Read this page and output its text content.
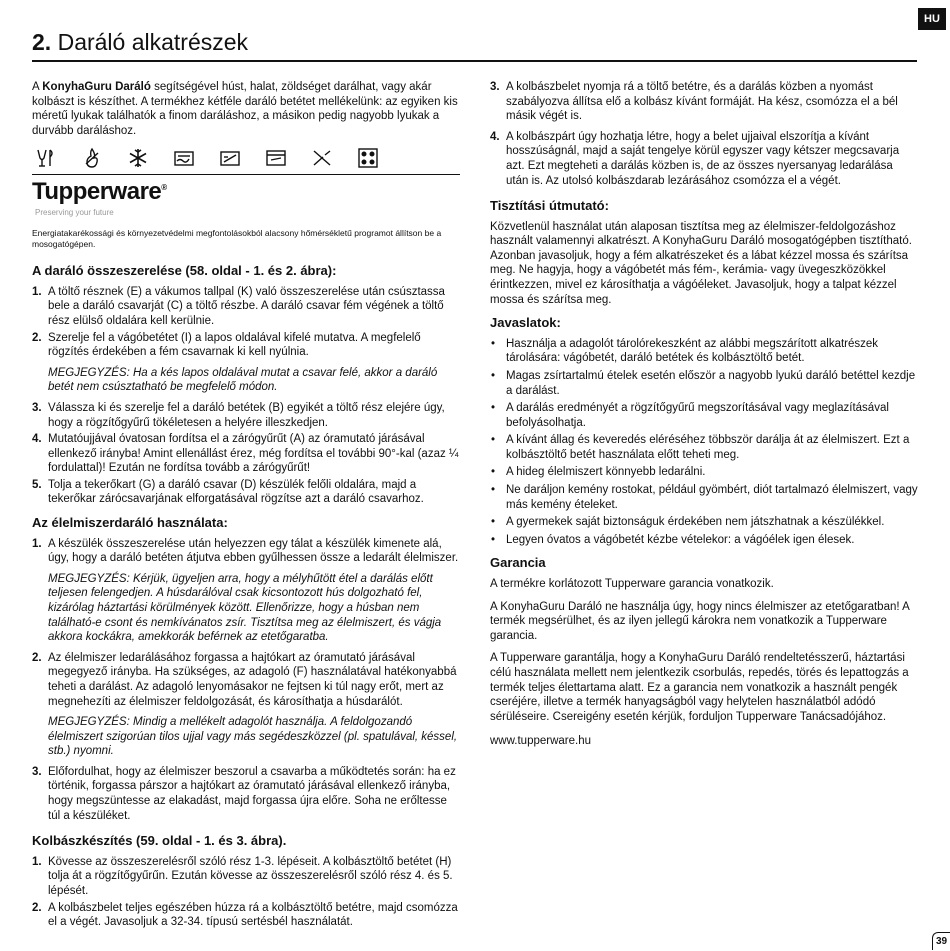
HU
2. Daráló alkatrészek

A KonyhaGuru Daráló segítségével húst, halat, zöldséget darálhat, vagy akár kolbászt is készíthet. A termékhez kétféle daráló betétet mellékelünk: az egyiken kis méretű lyukak találhatók a finom daráláshoz, a másikon pedig nagyobb lyukak a durvább daráláshoz.

Tupperware®
Preserving your future

Energiatakarékossági és környezetvédelmi megfontolásokból alacsony hőmérsékletű programot állítson be a mosogatógépen.

A daráló összeszerelése (58. oldal - 1. és 2. ábra):
1. A töltő résznek (E) a vákumos tallpal (K) való összeszerelése után csúsztassa bele a daráló csavarját (C) a töltő részbe. A daráló csavar fém végének a töltő rész elülső oldalára kell kerülnie.
2. Szerelje fel a vágóbetétet (I) a lapos oldalával kifelé mutatva. A megfelelő rögzítés érdekében a fém csavarnak ki kell nyúlnia.

MEGJEGYZÉS: Ha a kés lapos oldalával mutat a csavar felé, akkor a daráló betét nem csúsztatható be megfelelő módon.

3. Válassza ki és szerelje fel a daráló betétek (B) egyikét a töltő rész elejére úgy, hogy a rögzítőgyűrű tökéletesen a helyére illeszkedjen.
4. Mutatóujjával óvatosan fordítsa el a zárógyűrűt (A) az óramutató járásával ellenkező irányba! Amint ellenállást érez, még fordítsa el további 90°-kal (azaz ¼ fordulattal)! Ezután ne fordítsa tovább a zárógyűrűt!
5. Tolja a tekerőkart (G) a daráló csavar (D) készülék felőli oldalára, majd a tekerőkar zárócsavarjának elforgatásával rögzítse azt a daráló csavarhoz.
Az élelmiszerdaráló használata:
1. A készülék összeszerelése után helyezzen egy tálat a készülék kimenete alá, úgy, hogy a daráló betéten átjutva ebben gyűlhessen össze a ledarált élelmiszer.

MEGJEGYZÉS: Kérjük, ügyeljen arra, hogy a mélyhűtött étel a darálás előtt teljesen felengedjen. A húsdarálóval csak kicsontozott hús dolgozható fel, kizárólag háztartási körülmények között. Ellenőrizze, hogy a húsban nem található-e csont és nemkívánatos zsír. Tisztítsa meg az élelmiszert, és vágja akkora kockákra, amekkorák beférnek az etetőgaratba.

2. Az élelmiszer ledarálásához forgassa a hajtókart az óramutató járásával megegyező irányba. Ha szükséges, az adagoló (F) használatával hatékonyabbá teheti a darálást. Az adagoló lenyomásakor ne fejtsen ki túl nagy erőt, mert az megnehezíti az élelmiszer feldolgozását, és károsíthatja a húsdarálót.

MEGJEGYZÉS: Mindig a mellékelt adagolót használja. A feldolgozandó élelmiszert szigorúan tilos ujjal vagy más segédeszközzel (pl. spatulával, késsel, stb.) nyomni.

3. Előfordulhat, hogy az élelmiszer beszorul a csavarba a működtetés során: ha ez történik, forgassa párszor a hajtókart az óramutató járásával ellenkező irányba, hogy megszüntesse az elakadást, majd forgassa újra előre. Soha ne erőltesse túl a készüléket.
Kolbászkészítés (59. oldal - 1. és 3. ábra).
1. Kövesse az összeszerelésről szóló rész 1-3. lépéseit. A kolbásztöltő betétet (H) tolja át a rögzítőgyűrűn. Ezután kövesse az összeszerelésről szóló rész 4. és 5. lépését.
2. A kolbászbelet teljes egészében húzza rá a kolbásztöltő betétre, majd csomózza el a végét. Javasoljuk a 32-34. típusú sertésbél használatát.
3. A kolbászbelet nyomja rá a töltő betétre, és a darálás közben a nyomást szabályozva állítsa elő a kolbász kívánt formáját. Ha kész, csomózza el a bél másik végét is.
4. A kolbászpárt úgy hozhatja létre, hogy a belet ujjaival elszorítja a kívánt hosszúságnál, majd a saját tengelye körül egyszer vagy kétszer megcsavarja azt. Ezt megteheti a darálás közben is, de az összes nyersanyag ledarálása után is. Az utolsó kolbászdarab lezárásához csomózza el a végét.
Tisztítási útmutató:

Közvetlenül használat után alaposan tisztítsa meg az élelmiszer-feldolgozáshoz használt valamennyi alkatrészt. A KonyhaGuru Daráló mosogatógépben tisztítható. Azonban javasoljuk, hogy a fém alkatrészeket és a lábat kézzel mossa és szárítsa meg. Ne hagyja, hogy a vágóbetét más fém-, kerámia- vagy üvegeszközökkel érintkezzen, mivel ez károsíthatja a vágóéleket. Javasoljuk, hogy a talpat kézzel mossa és szárítsa meg.

Javaslatok:
• Használja a adagolót tárolórekeszként az alábbi megszárított alkatrészek tárolására: vágóbetét, daráló betétek és kolbásztöltő betét.
• Magas zsírtartalmú ételek esetén először a nagyobb lyukú daráló betéttel kezdje a darálást.
• A darálás eredményét a rögzítőgyűrű megszorításával vagy meglazításával befolyásolhatja.
• A kívánt állag és keveredés eléréséhez többször darálja át az élelmiszert. Ezt a kolbásztöltő betét használata előtt teheti meg.
• A hideg élelmiszert könnyebb ledarálni.
• Ne daráljon kemény rostokat, például gyömbért, diót tartalmazó élelmiszert, vagy más kemény ételeket.
• A gyermekek saját biztonságuk érdekében nem játszhatnak a készülékkel.
• Legyen óvatos a vágóbetét kézbe vételekor: a vágóélek igen élesek.
Garancia

A termékre korlátozott Tupperware garancia vonatkozik.

A KonyhaGuru Daráló ne használja úgy, hogy nincs élelmiszer az etetőgaratban! A termék megsérülhet, és az ilyen jellegű károkra nem vonatkozik a Tupperware garancia.

A Tupperware garantálja, hogy a KonyhaGuru Daráló rendeltetésszerű, háztartási célú használata mellett nem jelentkezik csorbulás, repedés, törés és lepattogzás a termék teljes élettartama alatt. Ez a garancia nem vonatkozik a használt pengék cseréjére, illetve a termék hanyagságból vagy helytelen használatból adódó sérüléseire. Csereigény esetén kérjük, forduljon Tupperware Tanácsadójához.

www.tupperware.hu

39
